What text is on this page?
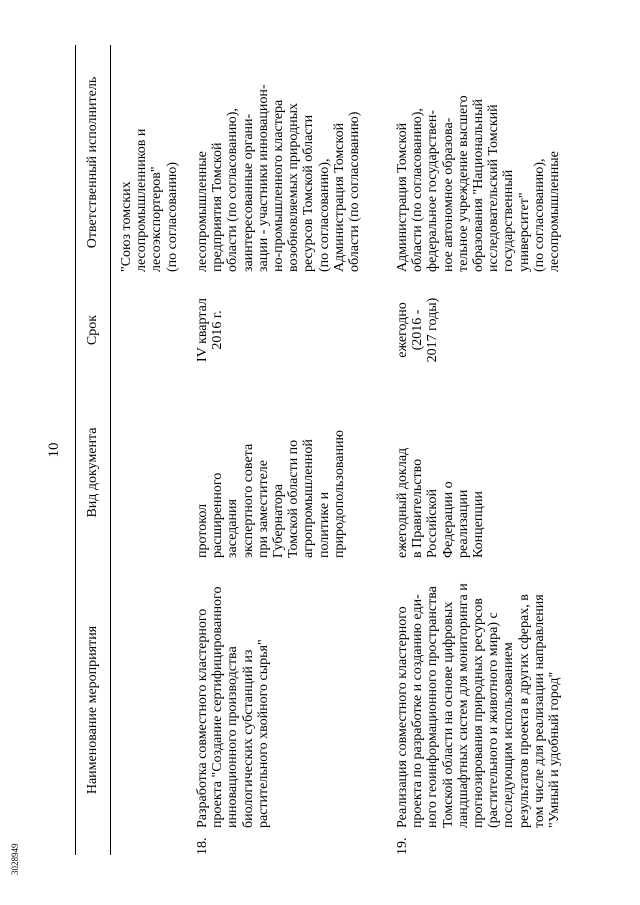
10
Наименование мероприятия
Вид документа
Срок
Ответственный исполнитель	"Союз томских лесопромышленников и лесоэкспортеров" (по согласованию)
18.
Разработка совместного кластерного проекта "Создание сертифицированного инновационного производства биологических субстанций из растительного хвойного сырья"
протокол расширенного заседания экспертного совета при заместителе Губернатора Томской области по агропромышленной политике и природопользованию
IV квартал 2016 г.
лесопромышленные предприятия Томской области (по согласованию), заинтересованные органи- зации - участники инновацион- но-промышленного кластера возобновляемых природных ресурсов Томской области (по согласованию), Администрация Томской области (по согласованию)
19.
Реализация совместного кластерного проекта по разработке и созданию еди- ного геоинформационного пространства Томской области на основе цифровых ландшафтных систем для мониторинга и прогнозирования природных ресурсов (растительного и животного мира) с последующим использованием результатов проекта в других сферах, в том числе для реализации направления "Умный и удобный город"
ежегодный доклад в Правительство Российской Федерации о реализации Концепции
ежегодно (2016 - 2017 годы)
Администрация Томской области (по согласованию), федеральное государствен- ное автономное образова- тельное учреждение высшего образования "Национальный исследовательский Томский государственный университет" (по согласованию), лесопромышленные
3028949
